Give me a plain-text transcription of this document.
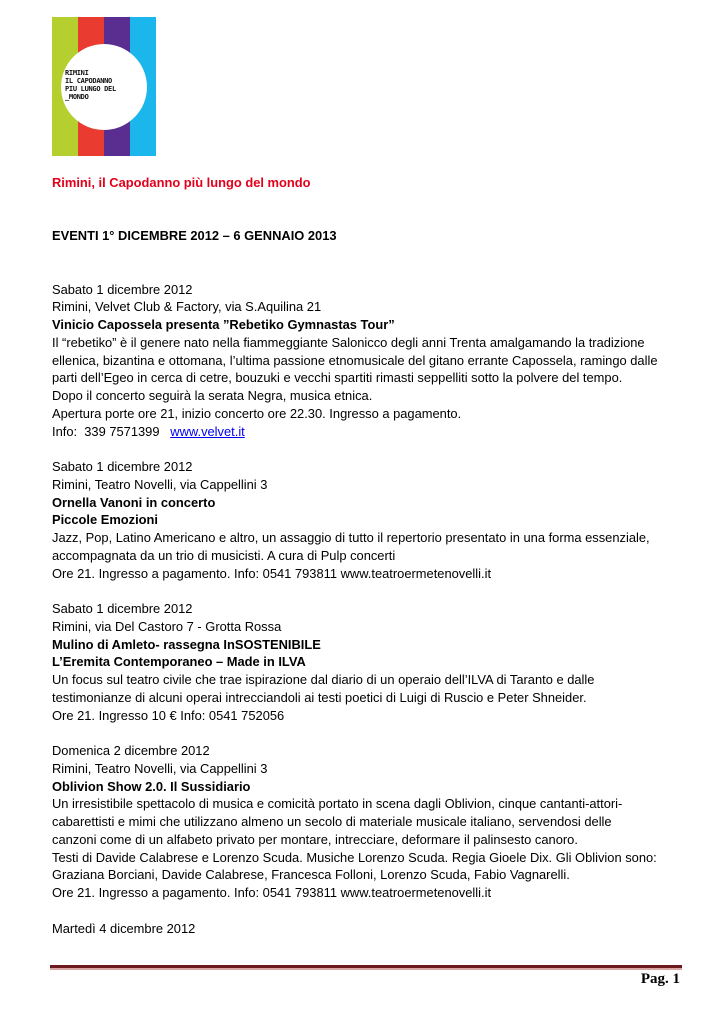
RIMINI
IL CAPODANNO
PIU LUNGO DEL
_MONDO
Rimini, il Capodanno più lungo del mondo
EVENTI 1° DICEMBRE 2012 – 6 GENNAIO 2013
Sabato 1 dicembre 2012
Rimini, Velvet Club & Factory, via S.Aquilina 21
Vinicio Capossela presenta ”Rebetiko Gymnastas Tour”
Il “rebetiko” è il genere nato nella fiammeggiante Salonicco degli anni Trenta amalgamando la tradizione
ellenica, bizantina e ottomana, l’ultima passione etnomusicale del gitano errante Capossela, ramingo dalle
parti dell’Egeo in cerca di cetre, bouzuki e vecchi spartiti rimasti seppelliti sotto la polvere del tempo.
Dopo il concerto seguirà la serata Negra, musica etnica.
Apertura porte ore 21, inizio concerto ore 22.30. Ingresso a pagamento.
Info:  339 7571399   www.velvet.it
Sabato 1 dicembre 2012
Rimini, Teatro Novelli, via Cappellini 3
Ornella Vanoni in concerto
Piccole Emozioni
Jazz, Pop, Latino Americano e altro, un assaggio di tutto il repertorio presentato in una forma essenziale,
accompagnata da un trio di musicisti. A cura di Pulp concerti
Ore 21. Ingresso a pagamento. Info: 0541 793811 www.teatroermetenovelli.it
Sabato 1 dicembre 2012
Rimini, via Del Castoro 7 - Grotta Rossa
Mulino di Amleto- rassegna InSOSTENIBILE
L’Eremita Contemporaneo – Made in ILVA
Un focus sul teatro civile che trae ispirazione dal diario di un operaio dell’ILVA di Taranto e dalle
testimonianze di alcuni operai intrecciandoli ai testi poetici di Luigi di Ruscio e Peter Shneider.
Ore 21. Ingresso 10 € Info: 0541 752056
Domenica 2 dicembre 2012
Rimini, Teatro Novelli, via Cappellini 3
Oblivion Show 2.0. Il Sussidiario
Un irresistibile spettacolo di musica e comicità portato in scena dagli Oblivion, cinque cantanti-attori-
cabarettisti e mimi che utilizzano almeno un secolo di materiale musicale italiano, servendosi delle
canzoni come di un alfabeto privato per montare, intrecciare, deformare il palinsesto canoro.
Testi di Davide Calabrese e Lorenzo Scuda. Musiche Lorenzo Scuda. Regia Gioele Dix. Gli Oblivion sono:
Graziana Borciani, Davide Calabrese, Francesca Folloni, Lorenzo Scuda, Fabio Vagnarelli.
Ore 21. Ingresso a pagamento. Info: 0541 793811 www.teatroermetenovelli.it
Martedì 4 dicembre 2012
Pag. 1
